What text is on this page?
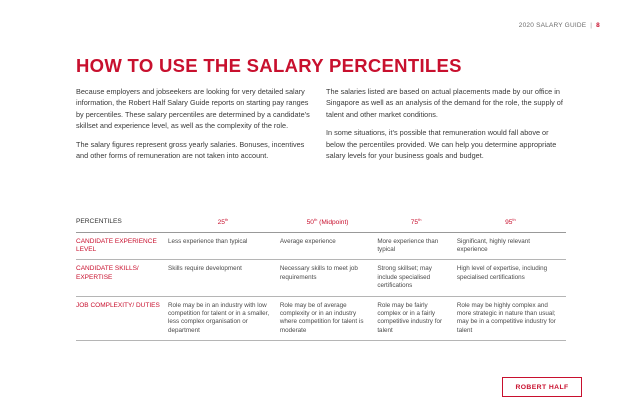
2020 SALARY GUIDE | 8
HOW TO USE THE SALARY PERCENTILES

Because employers and jobseekers are looking for very detailed salary information, the Robert Half Salary Guide reports on starting pay ranges by percentiles. These salary percentiles are determined by a candidate’s skillset and experience level, as well as the complexity of the role.

The salary figures represent gross yearly salaries. Bonuses, incentives and other forms of remuneration are not taken into account.

The salaries listed are based on actual placements made by our office in Singapore as well as an analysis of the demand for the role, the supply of talent and other market conditions.

In some situations, it’s possible that remuneration would fall above or below the percentiles provided. We can help you determine appropriate salary levels for your business goals and budget.

PERCENTILES	25th	50th (Midpoint)	75th	95th
CANDIDATE EXPERIENCE LEVEL	Less experience than typical	Average experience	More experience than typical	Significant, highly relevant experience
CANDIDATE SKILLS/ EXPERTISE	Skills require development	Necessary skills to meet job requirements	Strong skillset; may include specialised certifications	High level of expertise, including specialised certifications
JOB COMPLEXITY/ DUTIES	Role may be in an industry with low competition for talent or in a smaller, less complex organisation or department	Role may be of average complexity or in an industry where competition for talent is moderate	Role may be fairly complex or in a fairly competitive industry for talent	Role may be highly complex and more strategic in nature than usual; may be in a competitive industry for talent
ROBERT HALF
